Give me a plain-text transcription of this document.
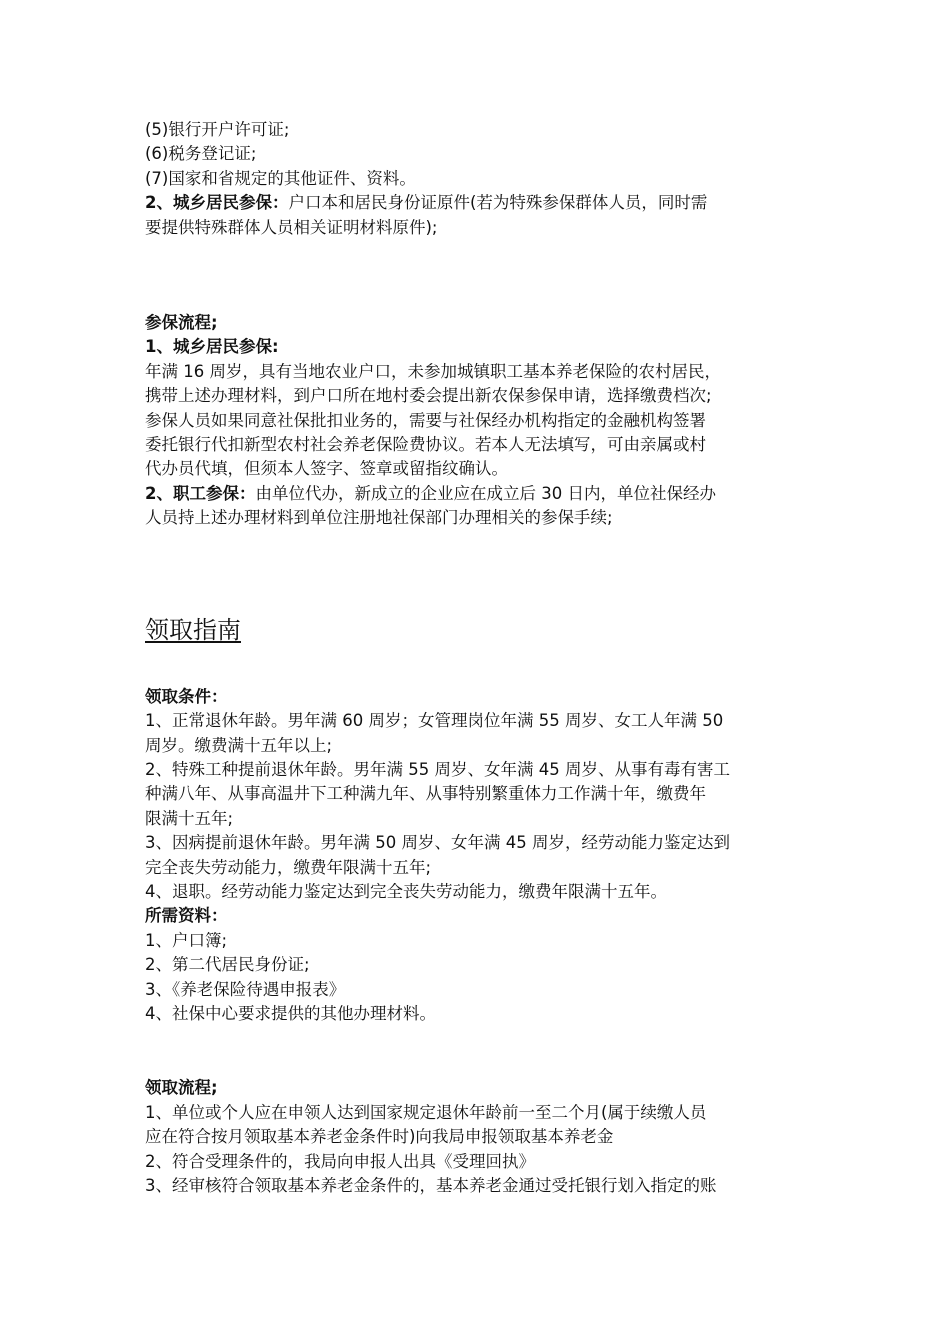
(5)银行开户许可证;

(6)税务登记证;

(7)国家和省规定的其他证件、资料。

2、城乡居民参保：户口本和居民身份证原件(若为特殊参保群体人员，同时需

要提供特殊群体人员相关证明材料原件);

参保流程;

1、城乡居民参保:

年满 16 周岁，具有当地农业户口，未参加城镇职工基本养老保险的农村居民，

携带上述办理材料，到户口所在地村委会提出新农保参保申请，选择缴费档次;

参保人员如果同意社保批扣业务的，需要与社保经办机构指定的金融机构签署

委托银行代扣新型农村社会养老保险费协议。若本人无法填写，可由亲属或村

代办员代填，但须本人签字、签章或留指纹确认。

2、职工参保：由单位代办，新成立的企业应在成立后 30 日内，单位社保经办

人员持上述办理材料到单位注册地社保部门办理相关的参保手续;

领取指南

领取条件：

1、正常退休年龄。男年满 60 周岁；女管理岗位年满 55 周岁、女工人年满 50

周岁。缴费满十五年以上;

2、特殊工种提前退休年龄。男年满 55 周岁、女年满 45 周岁、从事有毒有害工

种满八年、从事高温井下工种满九年、从事特别繁重体力工作满十年，缴费年

限满十五年;

3、因病提前退休年龄。男年满 50 周岁、女年满 45 周岁，经劳动能力鉴定达到

完全丧失劳动能力，缴费年限满十五年;

4、退职。经劳动能力鉴定达到完全丧失劳动能力，缴费年限满十五年。

所需资料：

1、户口簿;

2、第二代居民身份证;

3、《养老保险待遇申报表》

4、社保中心要求提供的其他办理材料。

领取流程;

1、单位或个人应在申领人达到国家规定退休年龄前一至二个月(属于续缴人员

应在符合按月领取基本养老金条件时)向我局申报领取基本养老金

2、符合受理条件的，我局向申报人出具《受理回执》

3、经审核符合领取基本养老金条件的，基本养老金通过受托银行划入指定的账
